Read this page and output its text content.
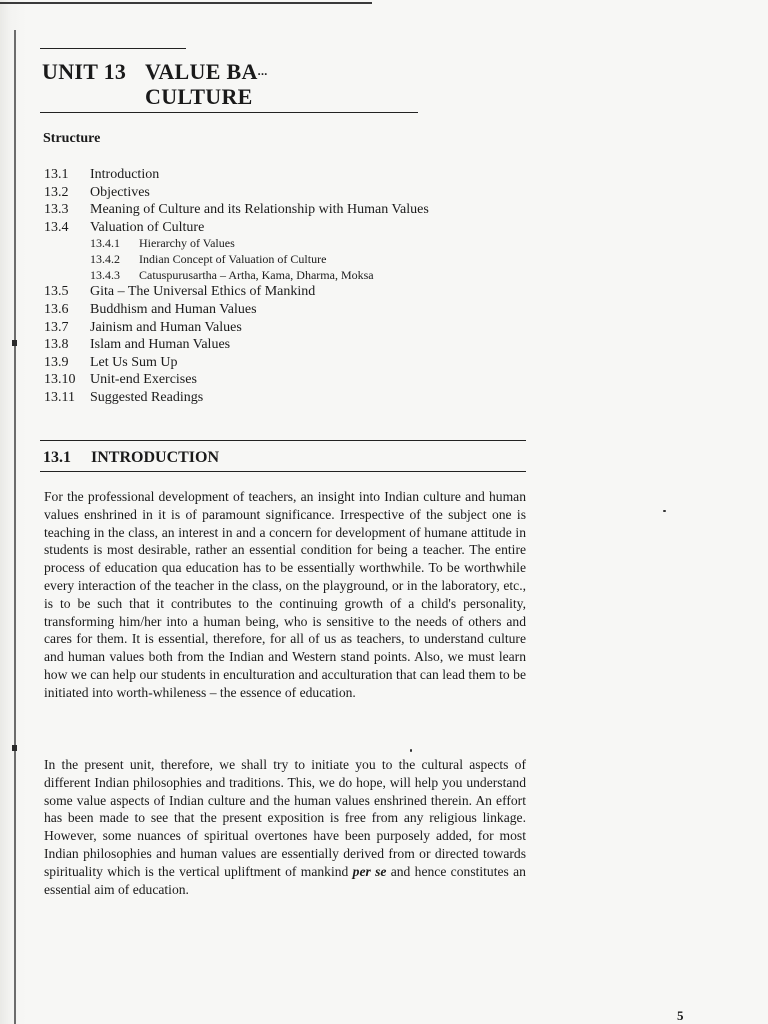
UNIT 13 VALUE BA...
CULTURE
Structure
13.1	Introduction
13.2	Objectives
13.3	Meaning of Culture and its Relationship with Human Values
13.4	Valuation of Culture
13.4.1	Hierarchy of Values
13.4.2	Indian Concept of Valuation of Culture
13.4.3	Catuspurusartha – Artha, Kama, Dharma, Moksa
13.5	Gita – The Universal Ethics of Mankind
13.6	Buddhism and Human Values
13.7	Jainism and Human Values
13.8	Islam and Human Values
13.9	Let Us Sum Up
13.10	Unit-end Exercises
13.11	Suggested Readings
13.1 INTRODUCTION

For the professional development of teachers, an insight into Indian culture and human values enshrined in it is of paramount significance. Irrespective of the subject one is teaching in the class, an interest in and a concern for development of humane attitude in students is most desirable, rather an essential condition for being a teacher. The entire process of education qua education has to be essentially worthwhile. To be worthwhile every interaction of the teacher in the class, on the playground, or in the laboratory, etc., is to be such that it contributes to the continuing growth of a child's personality, transforming him/her into a human being, who is sensitive to the needs of others and cares for them. It is essential, therefore, for all of us as teachers, to understand culture and human values both from the Indian and Western stand points. Also, we must learn how we can help our students in enculturation and acculturation that can lead them to be initiated into worth-whileness – the essence of education.

In the present unit, therefore, we shall try to initiate you to the cultural aspects of different Indian philosophies and traditions. This, we do hope, will help you understand some value aspects of Indian culture and the human values enshrined therein. An effort has been made to see that the present exposition is free from any religious linkage. However, some nuances of spiritual overtones have been purposely added, for most Indian philosophies and human values are essentially derived from or directed towards spirituality which is the vertical upliftment of mankind per se and hence constitutes an essential aim of education.

5
